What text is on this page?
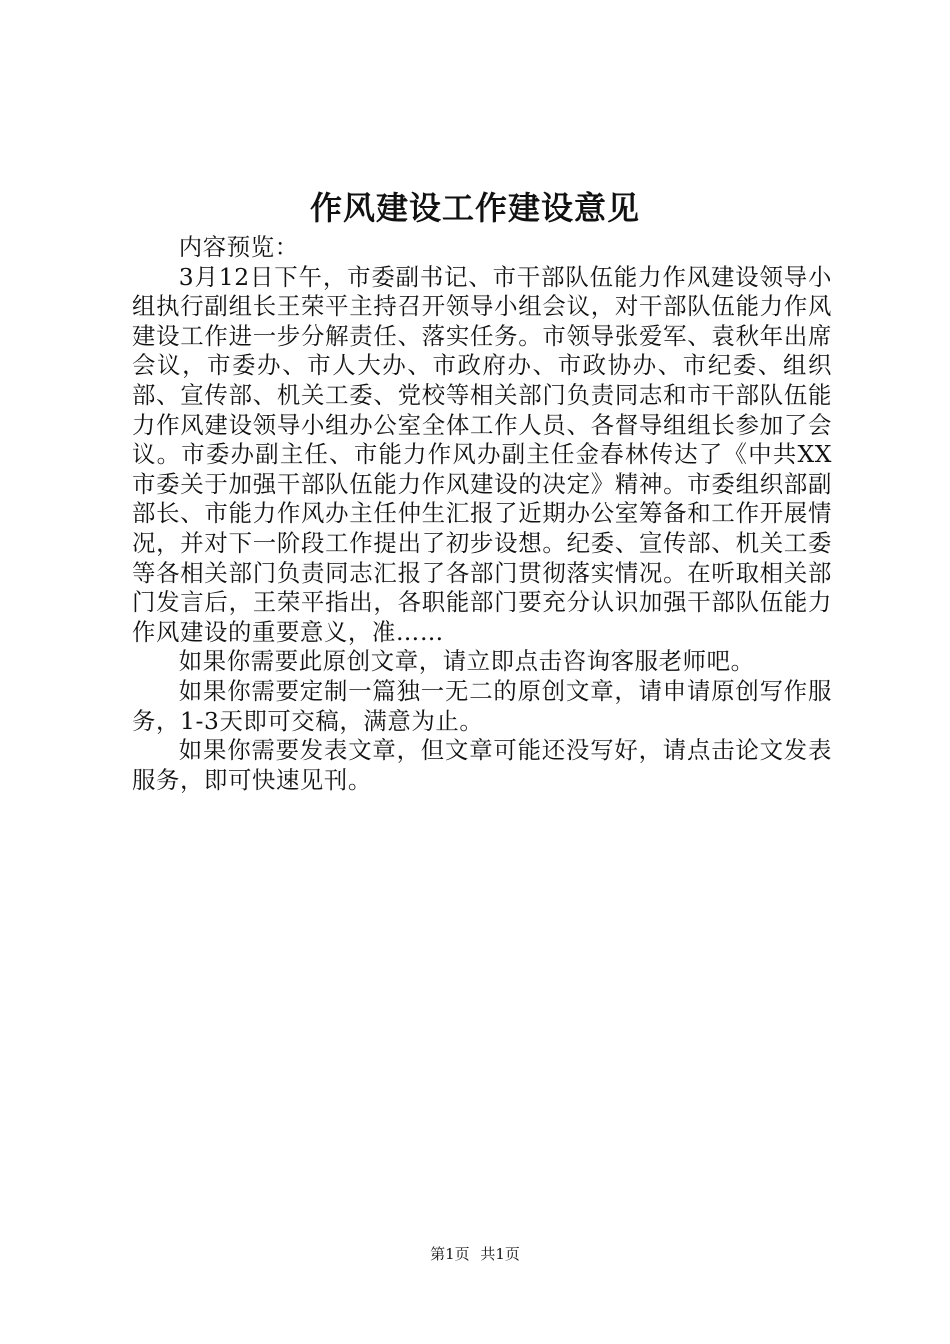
作风建设工作建设意见

内容预览：

3月12日下午，市委副书记、市干部队伍能力作风建设领导小组执行副组长王荣平主持召开领导小组会议，对干部队伍能力作风建设工作进一步分解责任、落实任务。市领导张爱军、袁秋年出席会议，市委办、市人大办、市政府办、市政协办、市纪委、组织部、宣传部、机关工委、党校等相关部门负责同志和市干部队伍能力作风建设领导小组办公室全体工作人员、各督导组组长参加了会议。市委办副主任、市能力作风办副主任金春林传达了《中共XX市委关于加强干部队伍能力作风建设的决定》精神。市委组织部副部长、市能力作风办主任仲生汇报了近期办公室筹备和工作开展情况，并对下一阶段工作提出了初步设想。纪委、宣传部、机关工委等各相关部门负责同志汇报了各部门贯彻落实情况。在听取相关部门发言后，王荣平指出，各职能部门要充分认识加强干部队伍能力作风建设的重要意义，准……

如果你需要此原创文章，请立即点击咨询客服老师吧。

如果你需要定制一篇独一无二的原创文章，请申请原创写作服务，1-3天即可交稿，满意为止。

如果你需要发表文章，但文章可能还没写好，请点击论文发表服务，即可快速见刊。

第1页 共1页
